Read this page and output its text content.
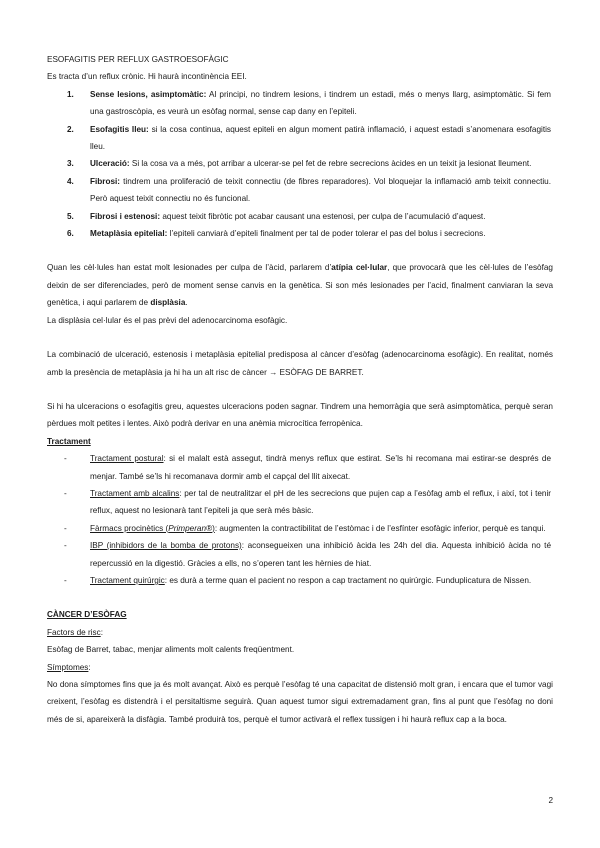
ESOFAGITIS PER REFLUX GASTROESOFÀGIC

Es tracta d’un reflux crònic. Hi haurà incontinència EEI.

1. Sense lesions, asimptomàtic: Al principi, no tindrem lesions, i tindrem un estadi, més o menys llarg, asimptomàtic. Si fem una gastroscòpia, es veurà un esòfag normal, sense cap dany en l’epiteli.
2. Esofagitis lleu: si la cosa continua, aquest epiteli en algun moment patirà inflamació, i aquest estadi s’anomenara esofagitis lleu.
3. Ulceració: Si la cosa va a més, pot arribar a ulcerar-se pel fet de rebre secrecions àcides en un teixit ja lesionat lleument.
4. Fibrosi: tindrem una proliferació de teixit connectiu (de fibres reparadores). Vol bloquejar la inflamació amb teixit connectiu. Però aquest teixit connectiu no és funcional.
5. Fibrosi i estenosi: aquest teixit fibròtic pot acabar causant una estenosi, per culpa de l’acumulació d’aquest.
6. Metaplàsia epitelial: l’epiteli canviarà d’epiteli finalment per tal de poder tolerar el pas del bolus i secrecions.

Quan les cèl·lules han estat molt lesionades per culpa de l’àcid, parlarem d’atípia cel·lular, que provocarà que les cèl·lules de l’esòfag deixin de ser diferenciades, però de moment sense canvis en la genètica. Si son més lesionades per l’acid, finalment canviaran la seva genètica, i aqui parlarem de displàsia.

La displàsia cel·lular és el pas prèvi del adenocarcinoma esofàgic.

La combinació de ulceració, estenosis i metaplàsia epitelial predisposa al càncer d’esòfag (adenocarcinoma esofàgic). En realitat, només amb la presència de metaplàsia ja hi ha un alt risc de càncer → ESÒFAG DE BARRET.

Si hi ha ulceracions o esofagitis greu, aquestes ulceracions poden sagnar. Tindrem una hemorràgia que serà asimptomàtica, perquè seran pèrdues molt petites i lentes. Això podrà derivar en una anèmia microcítica ferropènica.

Tractament

-	Tractament postural: si el malalt està assegut, tindrà menys reflux que estirat. Se’ls hi recomana mai estirar-se després de menjar. També se’ls hi recomanava dormir amb el capçal del llit aixecat.
-	Tractament amb alcalins: per tal de neutralitzar el pH de les secrecions que pujen cap a l’esòfag amb el reflux, i així, tot i tenir reflux, aquest no lesionarà tant l’epiteli ja que serà més bàsic.
-	Fàrmacs procinètics (Primperan®): augmenten la contractibilitat de l’estòmac i de l’esfínter esofàgic inferior, perquè es tanqui.
-	IBP (inhibidors de la bomba de protons): aconsegueixen una inhibició àcida les 24h del dia. Aquesta inhibició àcida no té repercussió en la digestió. Gràcies a ells, no s’operen tant les hèrnies de hiat.
-	Tractament quirúrgic: es durà a terme quan el pacient no respon a cap tractament no quirúrgic. Funduplicatura de Nissen.

CÀNCER D’ESÒFAG

Factors de risc:

Esòfag de Barret, tabac, menjar aliments molt calents freqüentment.

Símptomes:

No dona símptomes fins que ja és molt avançat. Això es perquè l’esòfag té una capacitat de distensió molt gran, i encara que el tumor vagi creixent, l’esòfag es distendrà i el persitaltisme seguirà. Quan aquest tumor sigui extremadament gran, fins al punt que l’esòfag no doni més de si, apareixerà la disfàgia. També produirà tos, perquè el tumor activarà el reflex tussigen i hi haurà reflux cap a la boca.

2
